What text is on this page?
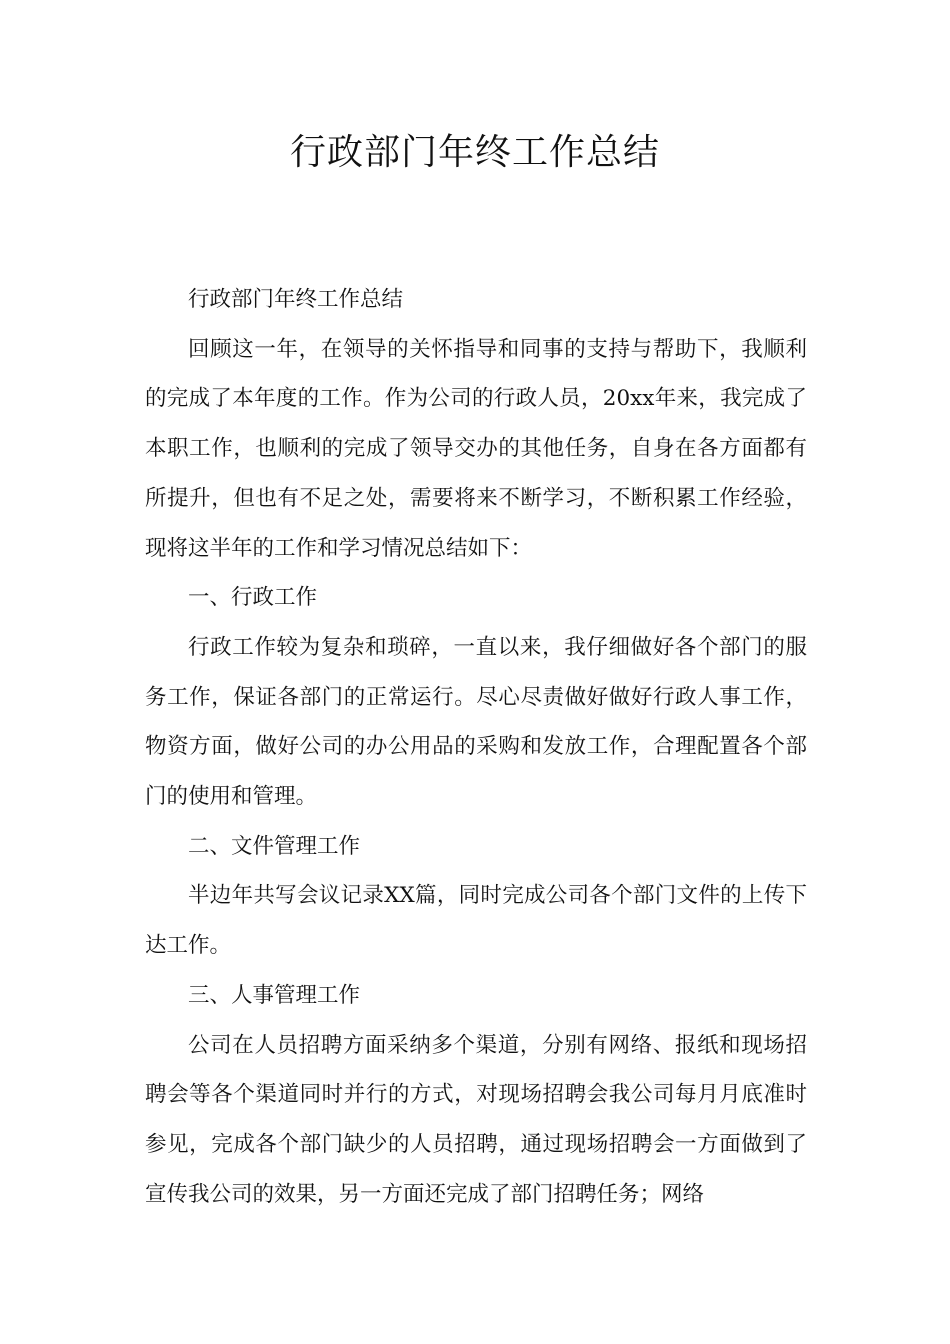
行政部门年终工作总结

行政部门年终工作总结

回顾这一年，在领导的关怀指导和同事的支持与帮助下，我顺利的完成了本年度的工作。作为公司的行政人员，20xx年来，我完成了本职工作，也顺利的完成了领导交办的其他任务，自身在各方面都有所提升，但也有不足之处，需要将来不断学习，不断积累工作经验，现将这半年的工作和学习情况总结如下：

一、行政工作

行政工作较为复杂和琐碎，一直以来，我仔细做好各个部门的服务工作，保证各部门的正常运行。尽心尽责做好做好行政人事工作，物资方面，做好公司的办公用品的采购和发放工作，合理配置各个部门的使用和管理。

二、文件管理工作

半边年共写会议记录XX篇，同时完成公司各个部门文件的上传下达工作。

三、人事管理工作

公司在人员招聘方面采纳多个渠道，分别有网络、报纸和现场招聘会等各个渠道同时并行的方式，对现场招聘会我公司每月月底准时参见，完成各个部门缺少的人员招聘，通过现场招聘会一方面做到了宣传我公司的效果，另一方面还完成了部门招聘任务；网络
